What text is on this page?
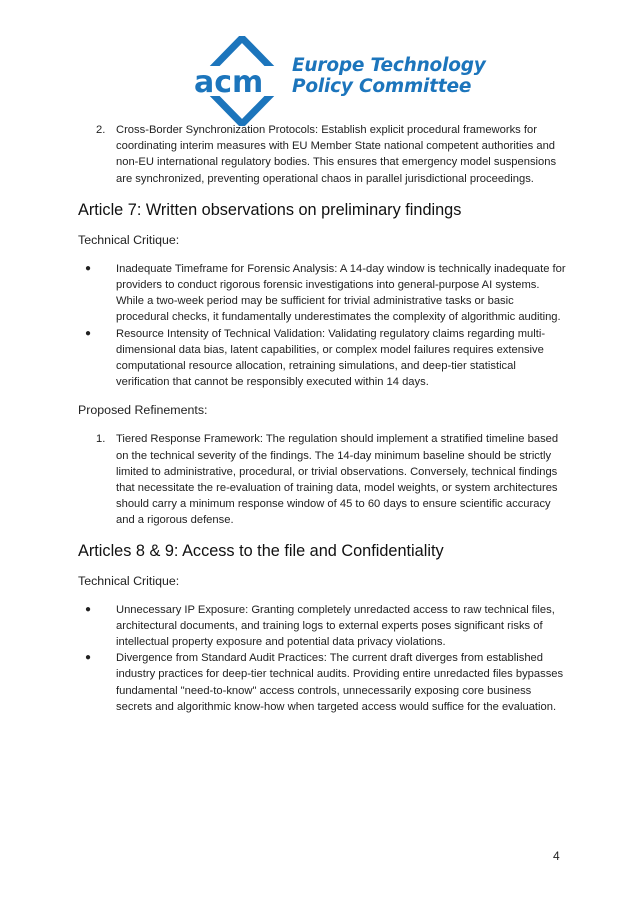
acm Europe Technology
Policy Committee
2. Cross-Border Synchronization Protocols: Establish explicit procedural frameworks for coordinating interim measures with EU Member State national competent authorities and non-EU international regulatory bodies. This ensures that emergency model suspensions are synchronized, preventing operational chaos in parallel jurisdictional proceedings.
Article 7: Written observations on preliminary findings
Technical Critique:
● Inadequate Timeframe for Forensic Analysis: A 14-day window is technically inadequate for providers to conduct rigorous forensic investigations into general-purpose AI systems. While a two-week period may be sufficient for trivial administrative tasks or basic procedural checks, it fundamentally underestimates the complexity of algorithmic auditing.
● Resource Intensity of Technical Validation: Validating regulatory claims regarding multi-dimensional data bias, latent capabilities, or complex model failures requires extensive computational resource allocation, retraining simulations, and deep-tier statistical verification that cannot be responsibly executed within 14 days.
Proposed Refinements:
1. Tiered Response Framework: The regulation should implement a stratified timeline based on the technical severity of the findings. The 14-day minimum baseline should be strictly limited to administrative, procedural, or trivial observations. Conversely, technical findings that necessitate the re-evaluation of training data, model weights, or system architectures should carry a minimum response window of 45 to 60 days to ensure scientific accuracy and a rigorous defense.
Articles 8 & 9: Access to the file and Confidentiality
Technical Critique:
● Unnecessary IP Exposure: Granting completely unredacted access to raw technical files, architectural documents, and training logs to external experts poses significant risks of intellectual property exposure and potential data privacy violations.
● Divergence from Standard Audit Practices: The current draft diverges from established industry practices for deep-tier technical audits. Providing entire unredacted files bypasses fundamental "need-to-know" access controls, unnecessarily exposing core business secrets and algorithmic know-how when targeted access would suffice for the evaluation.
4
